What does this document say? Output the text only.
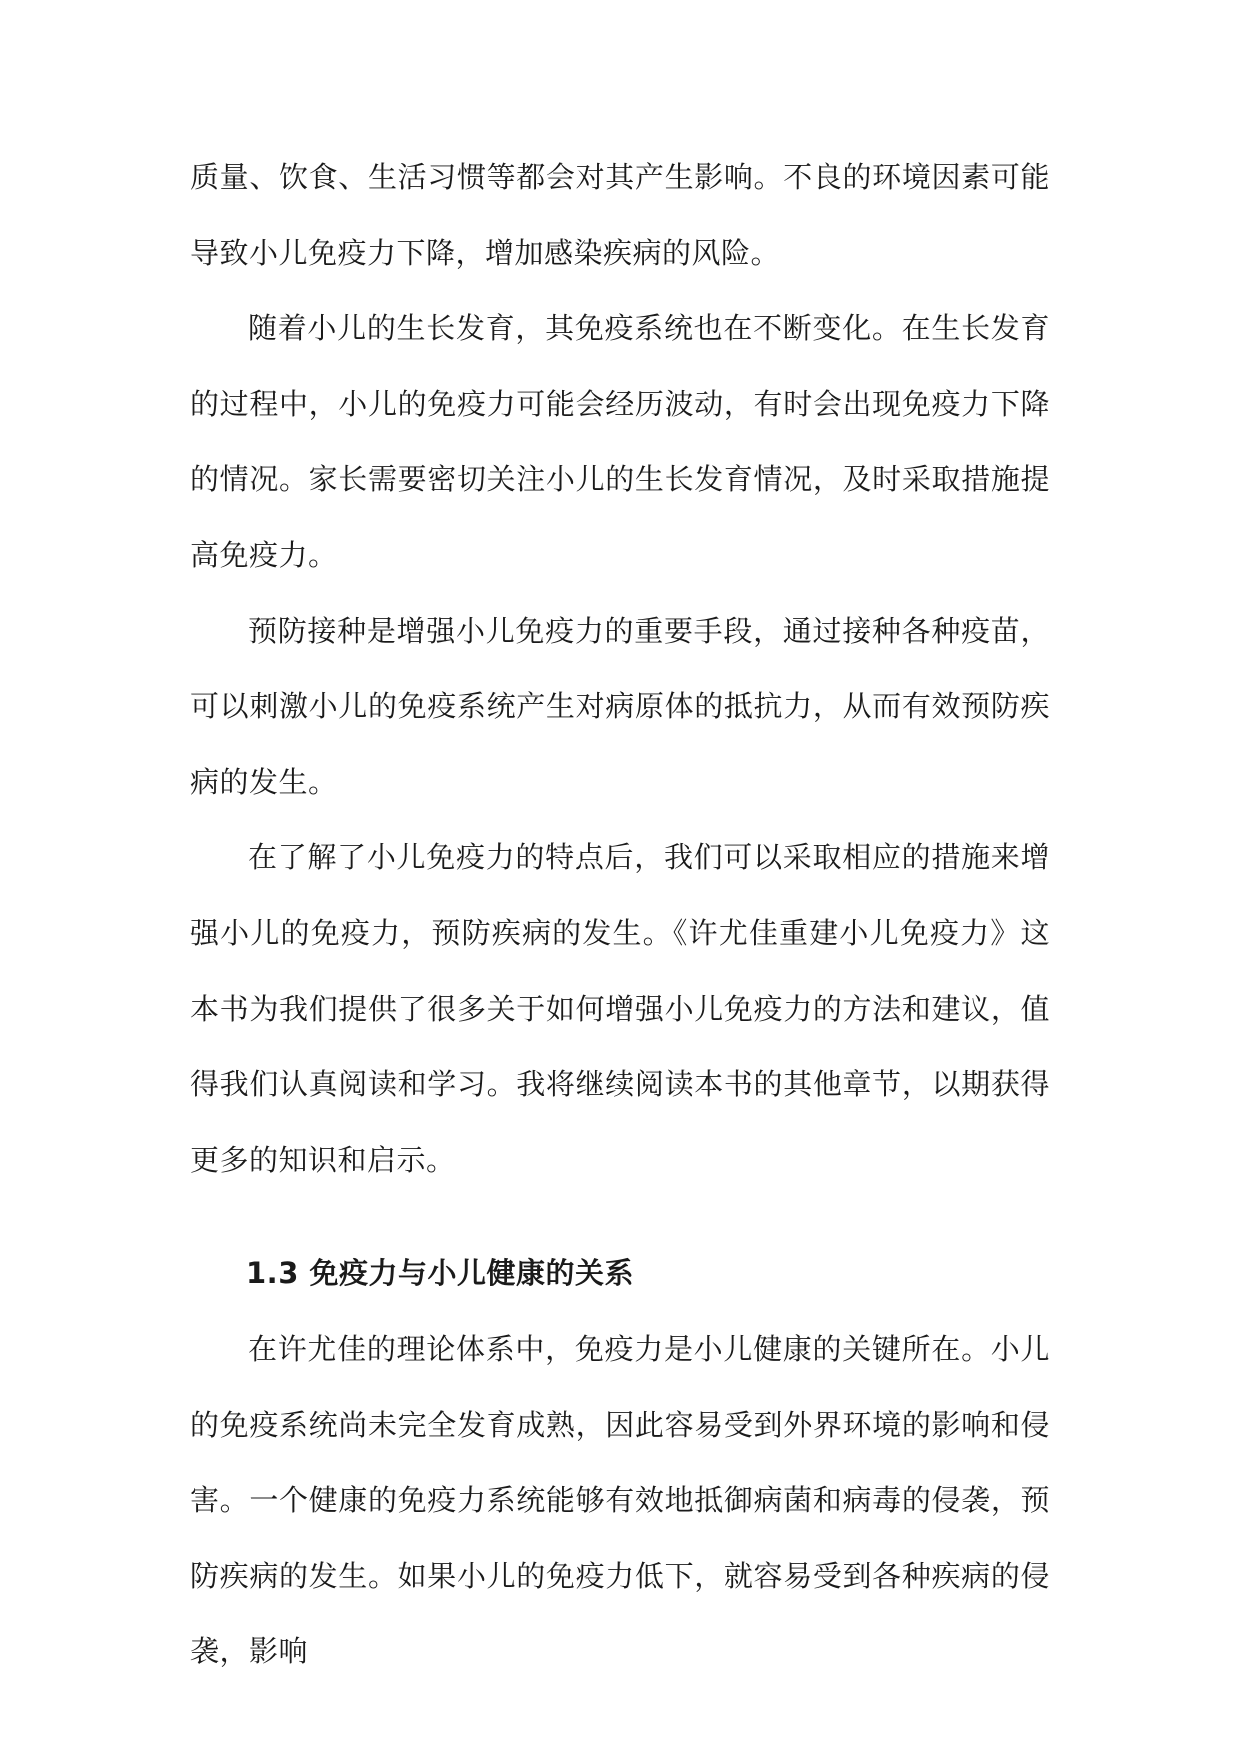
质量、饮食、生活习惯等都会对其产生影响。不良的环境因素可能导致小儿免疫力下降，增加感染疾病的风险。

随着小儿的生长发育，其免疫系统也在不断变化。在生长发育的过程中，小儿的免疫力可能会经历波动，有时会出现免疫力下降的情况。家长需要密切关注小儿的生长发育情况，及时采取措施提高免疫力。

预防接种是增强小儿免疫力的重要手段，通过接种各种疫苗，可以刺激小儿的免疫系统产生对病原体的抵抗力，从而有效预防疾病的发生。

在了解了小儿免疫力的特点后，我们可以采取相应的措施来增强小儿的免疫力，预防疾病的发生。《许尤佳重建小儿免疫力》这本书为我们提供了很多关于如何增强小儿免疫力的方法和建议，值得我们认真阅读和学习。我将继续阅读本书的其他章节，以期获得更多的知识和启示。

1.3 免疫力与小儿健康的关系

在许尤佳的理论体系中，免疫力是小儿健康的关键所在。小儿的免疫系统尚未完全发育成熟，因此容易受到外界环境的影响和侵害。一个健康的免疫力系统能够有效地抵御病菌和病毒的侵袭，预防疾病的发生。如果小儿的免疫力低下，就容易受到各种疾病的侵袭，影响
